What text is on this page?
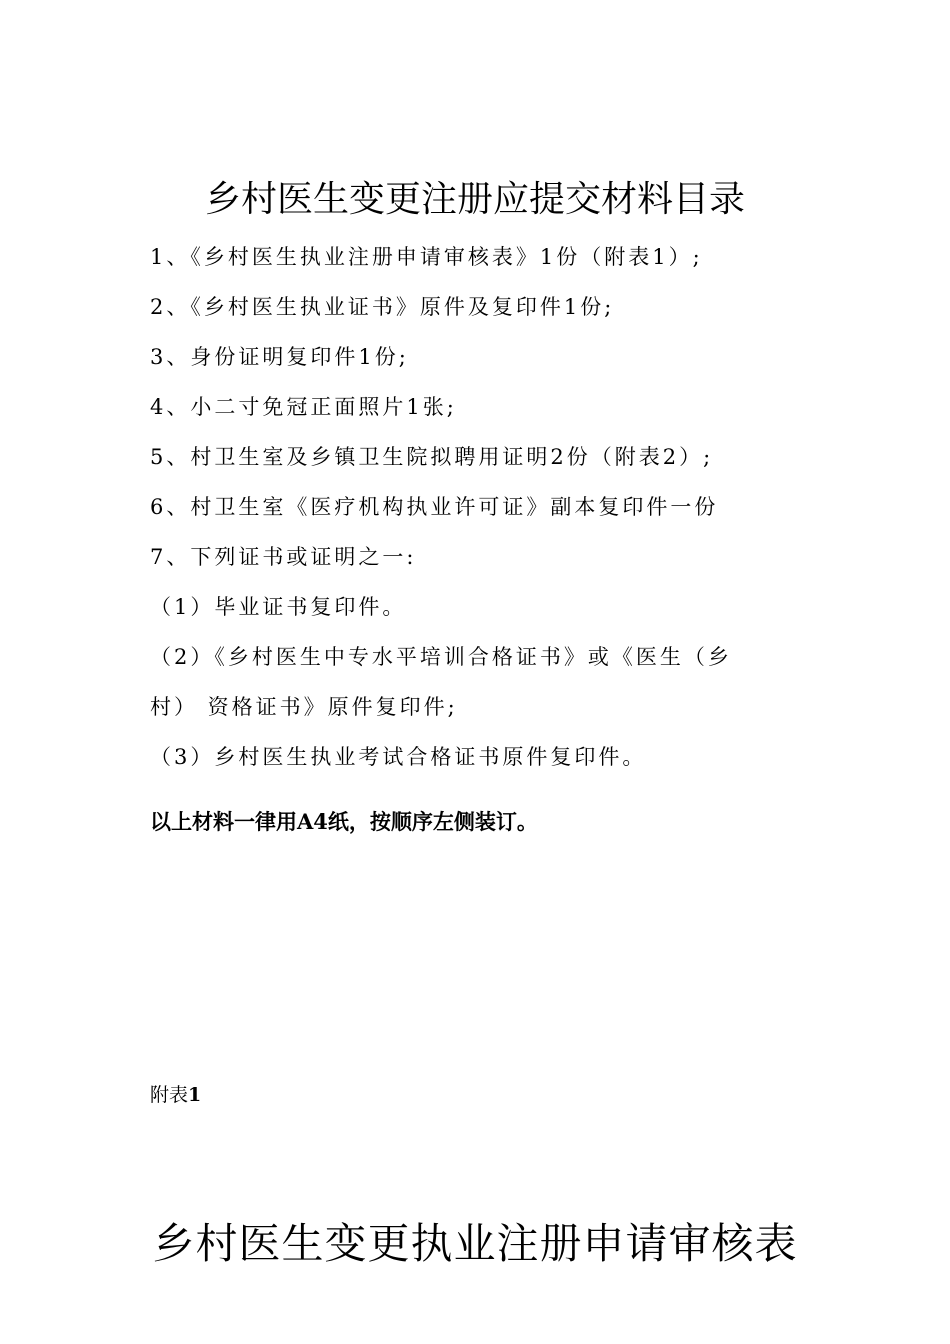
乡村医生变更注册应提交材料目录
1、《乡村医生执业注册申请审核表》1份（附表1）;
2、《乡村医生执业证书》原件及复印件1份;
3、身份证明复印件1份;
4、小二寸免冠正面照片1张;
5、村卫生室及乡镇卫生院拟聘用证明2份（附表2）;
6、村卫生室《医疗机构执业许可证》副本复印件一份
7、下列证书或证明之一:
（1）毕业证书复印件。
（2）《乡村医生中专水平培训合格证书》或《医生（乡
村） 资格证书》原件复印件;
（3）乡村医生执业考试合格证书原件复印件。
以上材料一律用A4纸，按顺序左侧装订。
附表1
乡村医生变更执业注册申请审核表
